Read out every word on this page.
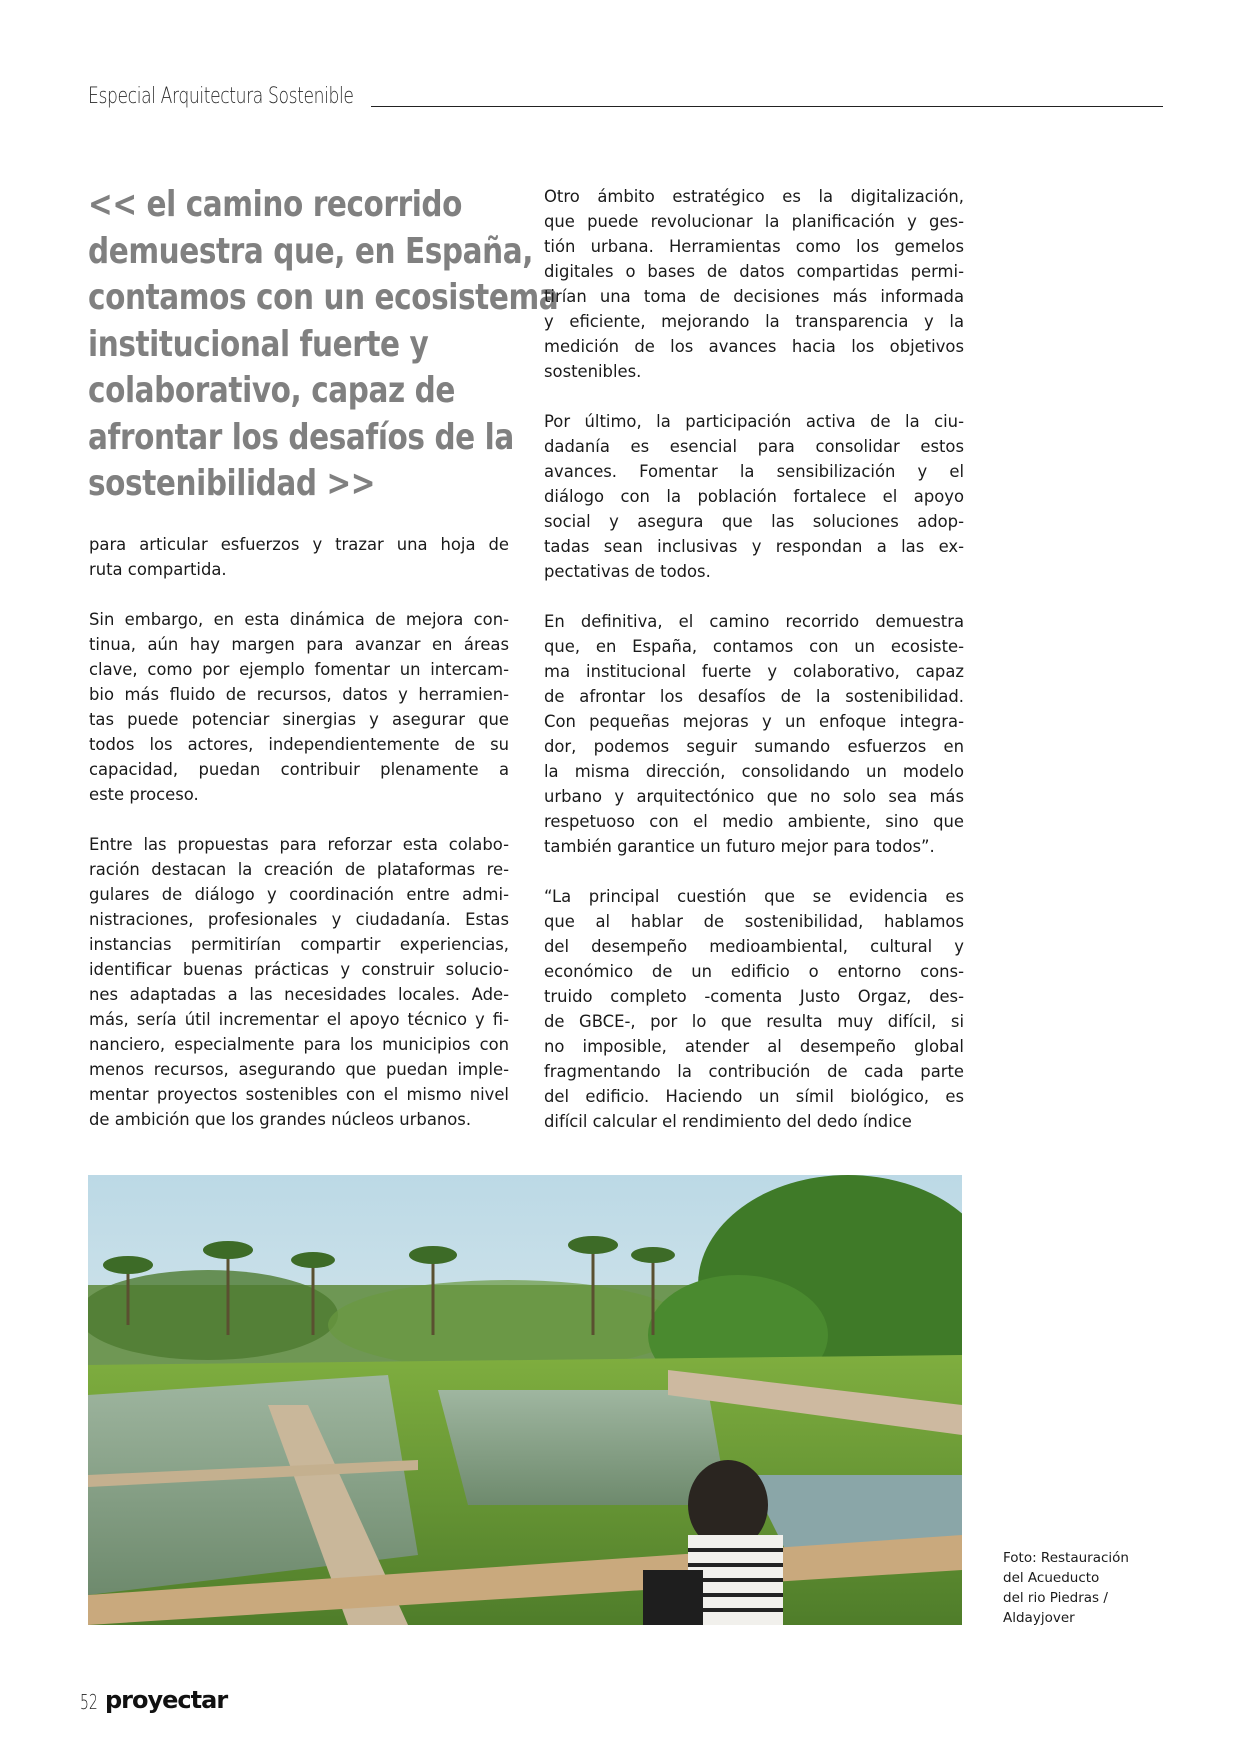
Especial Arquitectura Sostenible
<< el camino recorrido
demuestra que, en España,
contamos con un ecosistema
institucional fuerte y
colaborativo, capaz de
afrontar los desafíos de la
sostenibilidad >>

para articular esfuerzos y trazar una hoja de
ruta compartida.

Sin embargo, en esta dinámica de mejora con-
tinua, aún hay margen para avanzar en áreas
clave, como por ejemplo fomentar un intercam-
bio más fluido de recursos, datos y herramien-
tas puede potenciar sinergias y asegurar que
todos los actores, independientemente de su
capacidad, puedan contribuir plenamente a
este proceso.

Entre las propuestas para reforzar esta colabo-
ración destacan la creación de plataformas re-
gulares de diálogo y coordinación entre admi-
nistraciones, profesionales y ciudadanía. Estas
instancias permitirían compartir experiencias,
identificar buenas prácticas y construir solucio-
nes adaptadas a las necesidades locales. Ade-
más, sería útil incrementar el apoyo técnico y fi-
nanciero, especialmente para los municipios con
menos recursos, asegurando que puedan imple-
mentar proyectos sostenibles con el mismo nivel
de ambición que los grandes núcleos urbanos.

Otro ámbito estratégico es la digitalización,
que puede revolucionar la planificación y ges-
tión urbana. Herramientas como los gemelos
digitales o bases de datos compartidas permi-
tirían una toma de decisiones más informada
y eficiente, mejorando la transparencia y la
medición de los avances hacia los objetivos
sostenibles.

Por último, la participación activa de la ciu-
dadanía es esencial para consolidar estos
avances. Fomentar la sensibilización y el
diálogo con la población fortalece el apoyo
social y asegura que las soluciones adop-
tadas sean inclusivas y respondan a las ex-
pectativas de todos.

En definitiva, el camino recorrido demuestra
que, en España, contamos con un ecosiste-
ma institucional fuerte y colaborativo, capaz
de afrontar los desafíos de la sostenibilidad.
Con pequeñas mejoras y un enfoque integra-
dor, podemos seguir sumando esfuerzos en
la misma dirección, consolidando un modelo
urbano y arquitectónico que no solo sea más
respetuoso con el medio ambiente, sino que
también garantice un futuro mejor para todos”.

“La principal cuestión que se evidencia es
que al hablar de sostenibilidad, hablamos
del desempeño medioambiental, cultural y
económico de un edificio o entorno cons-
truido completo -comenta Justo Orgaz, des-
de GBCE-, por lo que resulta muy difícil, si
no imposible, atender al desempeño global
fragmentando la contribución de cada parte
del edificio. Haciendo un símil biológico, es
difícil calcular el rendimiento del dedo índice

Foto: Restauración
del Acueducto
del rio Piedras /
Aldayjover
52 proyectar
